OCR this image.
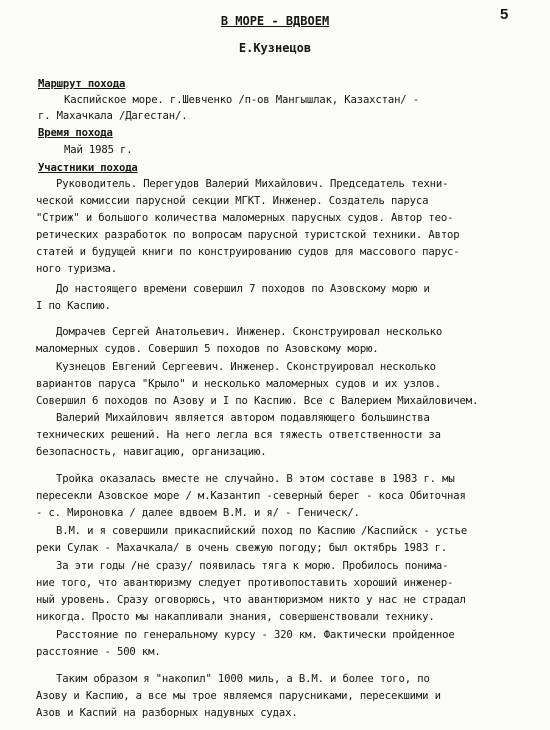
5
В МОРЕ - ВДВОЕМ
Е.Кузнецов
Маршрут похода
Каспийское море. г.Шевченко /п-ов Мангышлак, Казахстан/ -
г. Махачкала /Дагестан/.
Время похода
Май 1985 г.
Участники похода
Руководитель. Перегудов Валерий Михайлович. Председатель техни-
ческой комиссии парусной секции МГКТ. Инженер. Создатель паруса
"Стриж" и большого количества маломерных парусных судов. Автор тео-
ретических разработок по вопросам парусной туристской техники. Автор
статей и будущей книги по конструированию судов для массового парус-
ного туризма.
До настоящего времени совершил 7 походов по Азовскому морю и
I по Каспию.
Домрачев Сергей Анатольевич. Инженер. Сконструировал несколько
маломерных судов. Совершил 5 походов по Азовскому морю.
Кузнецов Евгений Сергеевич. Инженер. Сконструировал несколько
вариантов паруса "Крыло" и несколько маломерных судов и их узлов.
Совершил 6 походов по Азову и I по Каспию. Все с Валерием Михайловичем.
Валерий Михайлович является автором подавляющего большинства
технических решений. На него легла вся тяжесть ответственности за
безопасность, навигацию, организацию.
Тройка оказалась вместе не случайно. В этом составе в 1983 г. мы
пересекли Азовское море / м.Казантип -северный берег - коса Обиточная
- с. Мироновка / далее вдвоем В.М. и я/ - Геническ/.
В.М. и я совершили прикаспийский поход по Каспию /Каспийск - устье
реки Сулак - Махачкала/ в очень свежую погоду; был октябрь 1983 г.
За эти годы /не сразу/ появилась тяга к морю. Пробилось понима-
ние того, что авантюризму следует противопоставить хороший инженер-
ный уровень. Сразу оговорюсь, что авантюризмом никто у нас не страдал
никогда. Просто мы накапливали знания, совершенствовали технику.
Расстояние по генеральному курсу - 320 км. Фактически пройденное
расстояние - 500 км.
Таким образом я "накопил" 1000 миль, а В.М. и более того, по
Азову и Каспию, а все мы трое являемся парусниками, пересекшими и
Азов и Каспий на разборных надувных судах.
